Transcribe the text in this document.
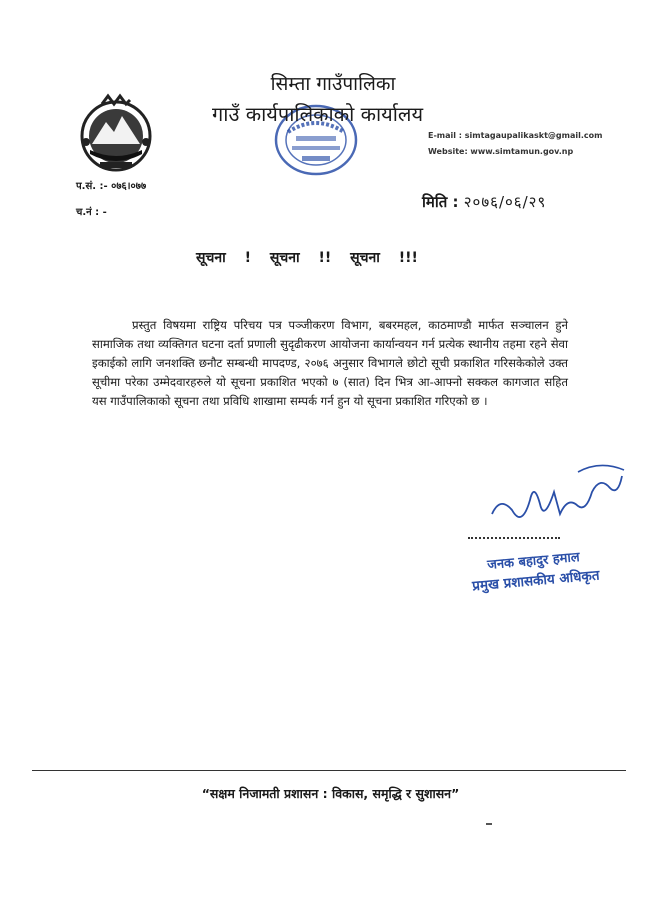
सिम्ता गाउँपालिका
गाउँ कार्यपालिकाको कार्यालय
E-mail : simtagaupalikaskt@gmail.com
Website: www.simtamun.gov.np
प.सं. :- ०७६।०७७
च.नं : -
मिति : २०७६/०६/२९
सूचना ! सूचना !! सूचना !!!
प्रस्तुत विषयमा राष्ट्रिय परिचय पत्र पञ्जीकरण विभाग, बबरमहल, काठमाण्डौ मार्फत सञ्चालन हुने सामाजिक तथा व्यक्तिगत घटना दर्ता प्रणाली सुदृढीकरण आयोजना कार्यान्वयन गर्न प्रत्येक स्थानीय तहमा रहने सेवा इकाईको लागि जनशक्ति छनौट सम्बन्धी मापदण्ड, २०७६ अनुसार विभागले छोटो सूची प्रकाशित गरिसकेकोले उक्त सूचीमा परेका उम्मेदवारहरुले यो सूचना प्रकाशित भएको ७ (सात) दिन भित्र आ-आफ्नो सक्कल कागजात सहित यस गाउँपालिकाको सूचना तथा प्रविधि शाखामा सम्पर्क गर्न हुन यो सूचना प्रकाशित गरिएको छ ।
जनक बहादुर हमाल
प्रमुख प्रशासकीय अधिकृत
“सक्षम निजामती प्रशासन : विकास, समृद्धि र सुशासन”
